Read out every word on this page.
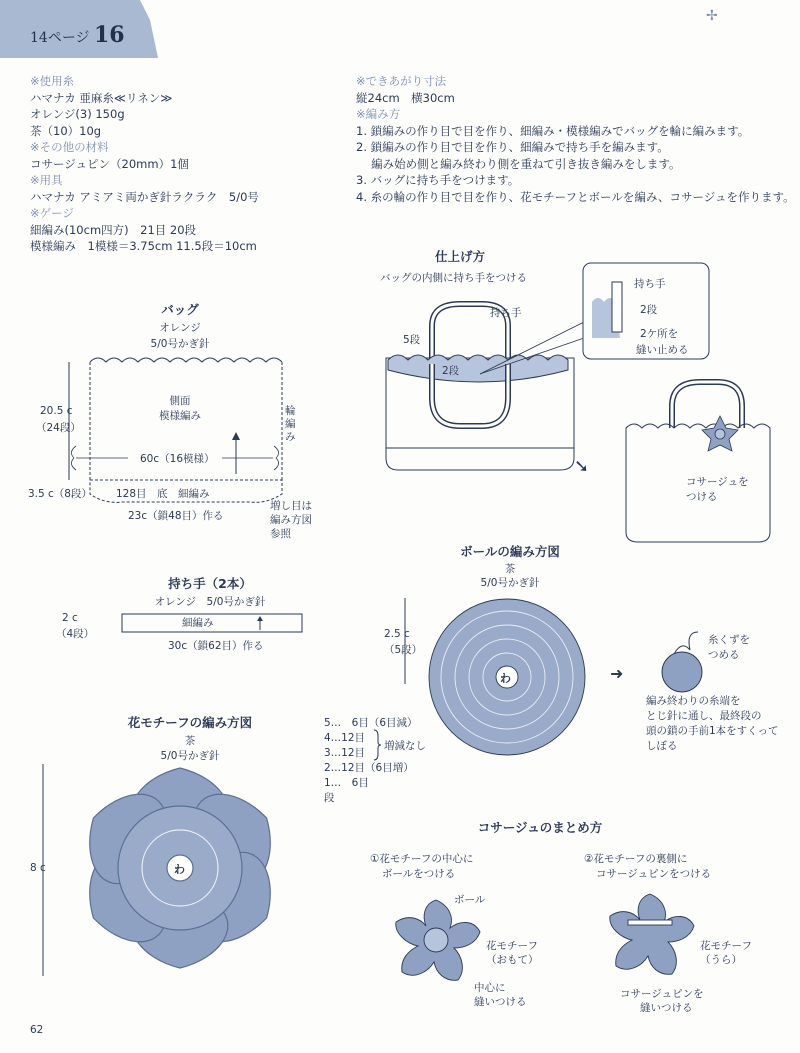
14ページ 16
✢
※使用糸
ハマナカ 亜麻糸≪リネン≫
オレンジ(3) 150g
茶（10）10g
※その他の材料
コサージュピン（20mm）1個
※用具
ハマナカ アミアミ両かぎ針ラクラク　5/0号
※ゲージ
細編み(10cm四方)　21目 20段
模様編み　1模様＝3.75cm 11.5段＝10cm
※できあがり寸法
縦24cm　横30cm
※編み方
1. 鎖編みの作り目で目を作り、細編み・模様編みでバッグを輪に編みます。
2. 鎖編みの作り目で目を作り、細編みで持ち手を編みます。
　 編み始め側と編み終わり側を重ねて引き抜き編みをします。
3. バッグに持ち手をつけます。
4. 糸の輪の作り目で目を作り、花モチーフとボールを編み、コサージュを作ります。
バッグ
オレンジ
5/0号かぎ針
側面
模様編み
20.5 c
（24段）
輪
編
み
60c（16模様）
3.5 c（8段） 128目　底　細編み
23c（鎖48目）作る
増し目は
編み方図
参照
持ち手（2本）
オレンジ　5/0号かぎ針
2 c
（4段）
細編み
30c（鎖62目）作る
花モチーフの編み方図
茶
5/0号かぎ針
わ
8 c
仕上げ方
バッグの内側に持ち手をつける
持ち手
5段
2段
持ち手
2段
2ケ所を
縫い止める
➘
コサージュを
つける
ボールの編み方図
茶
5/0号かぎ針
わ
2.5 c
（5段）
5…　6目（6目減）
4…12目
3…12目
2…12目（6目増）
1…　6目
段
増減なし
➜
糸くずを
つめる
編み終わりの糸端を
とじ針に通し、最終段の
頭の鎖の手前1本をすくって
しぼる
コサージュのまとめ方
①花モチーフの中心に
ボールをつける
②花モチーフの裏側に
コサージュピンをつける
ボール
花モチーフ
（おもて）
中心に
縫いつける
花モチーフ
（うら）
コサージュピンを
縫いつける
62
